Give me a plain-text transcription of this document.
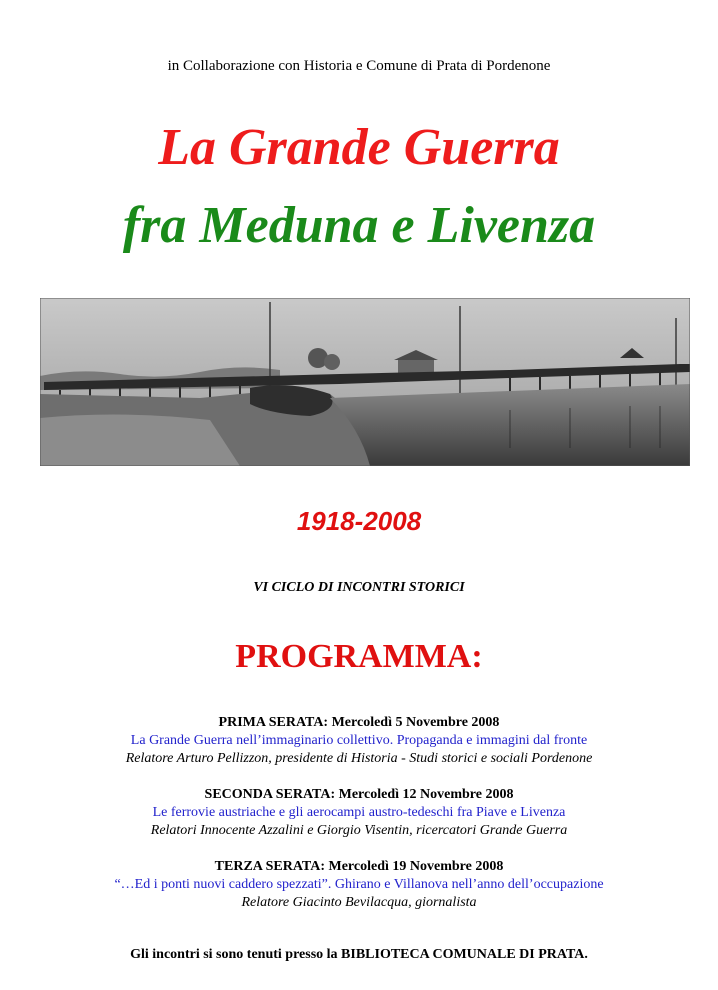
in Collaborazione con Historia e Comune di Prata di Pordenone
La Grande Guerra
fra Meduna e Livenza
1918-2008
VI CICLO DI INCONTRI STORICI
PROGRAMMA:
PRIMA SERATA: Mercoledì 5 Novembre 2008
La Grande Guerra nell’immaginario collettivo. Propaganda e immagini dal fronte
Relatore Arturo Pellizzon, presidente di Historia - Studi storici e sociali Pordenone
SECONDA SERATA: Mercoledì 12 Novembre 2008
Le ferrovie austriache e gli aerocampi austro-tedeschi fra Piave e Livenza
Relatori Innocente Azzalini e Giorgio Visentin, ricercatori Grande Guerra
TERZA SERATA: Mercoledì 19 Novembre 2008
“…Ed i ponti nuovi caddero spezzati”. Ghirano e Villanova nell’anno dell’occupazione
Relatore Giacinto Bevilacqua, giornalista
Gli incontri si sono tenuti presso la BIBLIOTECA COMUNALE DI PRATA.
